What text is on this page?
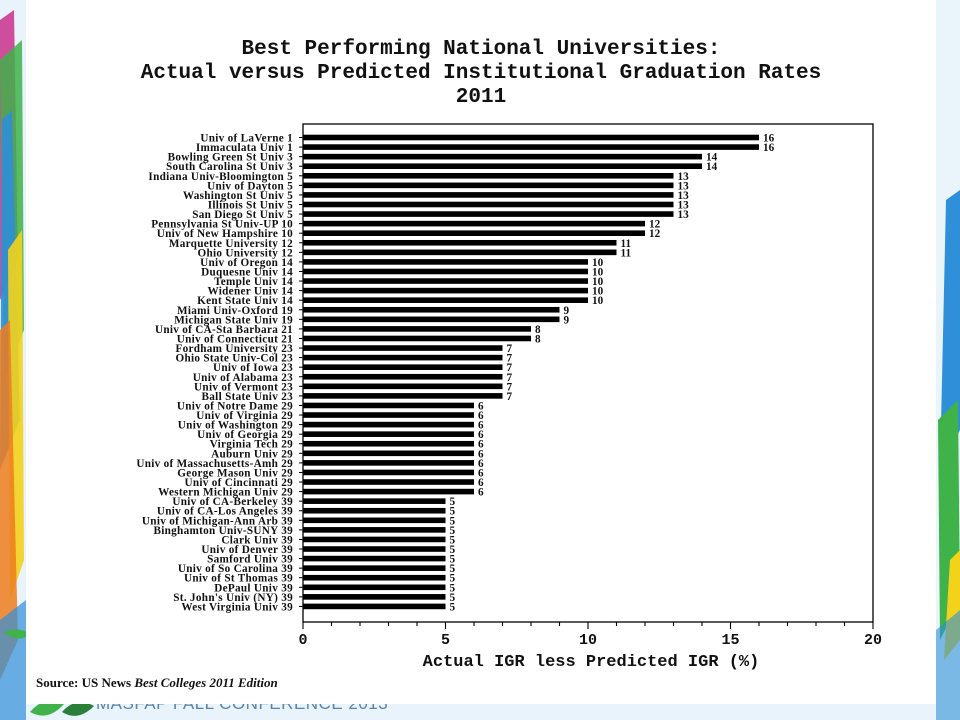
Best Performing National Universities:
Actual versus Predicted Institutional Graduation Rates
2011
Univ of LaVerne 1	16
Immaculata Univ 1	16
Bowling Green St Univ 3	14
South Carolina St Univ 3	14
Indiana Univ-Bloomington 5	13
Univ of Dayton 5	13
Washington St Univ 5	13
Illinois St Univ 5	13
San Diego St Univ 5	13
Pennsylvania St Univ-UP 10	12
Univ of New Hampshire 10	12
Marquette University 12	11
Ohio University 12	11
Univ of Oregon 14	10
Duquesne Univ 14	10
Temple Univ 14	10
Widener Univ 14	10
Kent State Univ 14	10
Miami Univ-Oxford 19	9
Michigan State Univ 19	9
Univ of CA-Sta Barbara 21	8
Univ of Connecticut 21	8
Fordham University 23	7
Ohio State Univ-Col 23	7
Univ of Iowa 23	7
Univ of Alabama 23	7
Univ of Vermont 23	7
Ball State Univ 23	7
Univ of Notre Dame 29	6
Univ of Virginia 29	6
Univ of Washington 29	6
Univ of Georgia 29	6
Virginia Tech 29	6
Auburn Univ 29	6
Univ of Massachusetts-Amh 29	6
George Mason Univ 29	6
Univ of Cincinnati 29	6
Western Michigan Univ 29	6
Univ of CA-Berkeley 39	5
Univ of CA-Los Angeles 39	5
Univ of Michigan-Ann Arb 39	5
Binghamton Univ-SUNY 39	5
Clark Univ 39	5
Univ of Denver 39	5
Samford Univ 39	5
Univ of So Carolina 39	5
Univ of St Thomas 39	5
DePaul Univ 39	5
St. John's Univ (NY) 39	5
West Virginia Univ 39	5
0	5	10	15	20
Actual IGR less Predicted IGR (%)
Source: US News Best Colleges 2011 Edition
